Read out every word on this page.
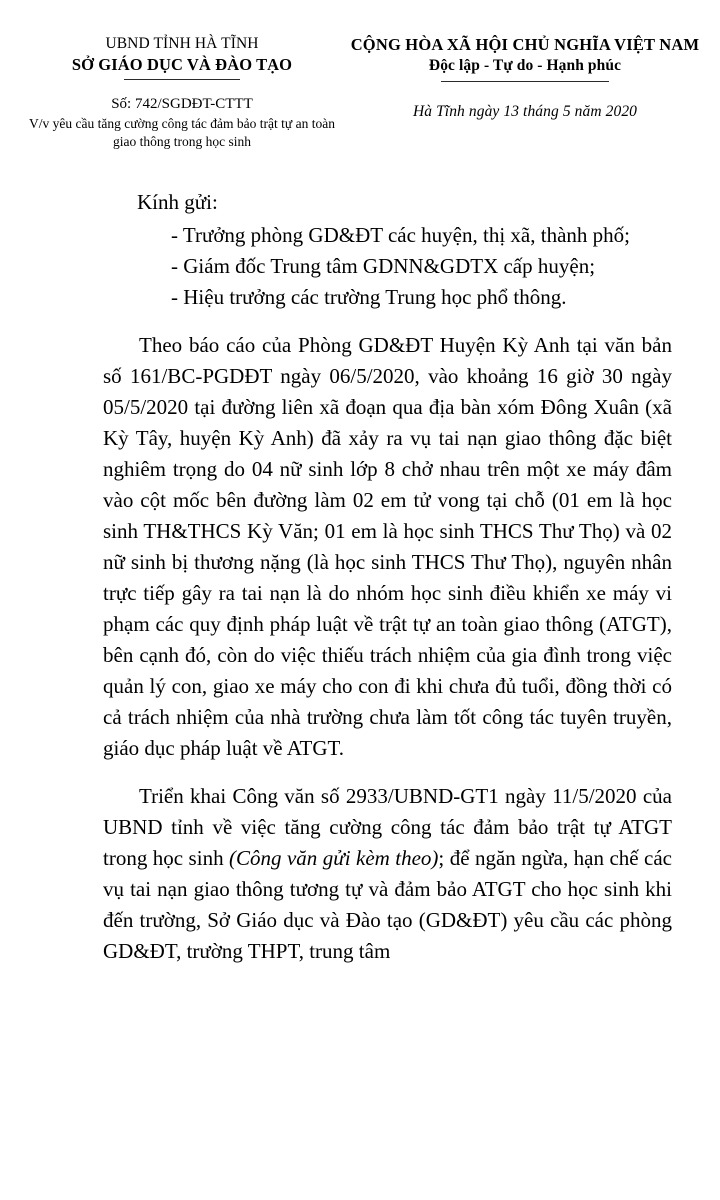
UBND TỈNH HÀ TĨNH
SỞ GIÁO DỤC VÀ ĐÀO TẠO
Số: 742/SGDĐT-CTTT
V/v yêu cầu tăng cường công tác đảm bảo trật tự an toàn giao thông trong học sinh
CỘNG HÒA XÃ HỘI CHỦ NGHĨA VIỆT NAM
Độc lập - Tự do - Hạnh phúc
Hà Tĩnh ngày 13 tháng 5 năm 2020
Kính gửi:
- Trưởng phòng GD&ĐT các huyện, thị xã, thành phố;
- Giám đốc Trung tâm GDNN&GDTX cấp huyện;
- Hiệu trưởng các trường Trung học phổ thông.

Theo báo cáo của Phòng GD&ĐT Huyện Kỳ Anh tại văn bản số 161/BC-PGDĐT ngày 06/5/2020, vào khoảng 16 giờ 30 ngày 05/5/2020 tại đường liên xã đoạn qua địa bàn xóm Đông Xuân (xã Kỳ Tây, huyện Kỳ Anh) đã xảy ra vụ tai nạn giao thông đặc biệt nghiêm trọng do 04 nữ sinh lớp 8 chở nhau trên một xe máy đâm vào cột mốc bên đường làm 02 em tử vong tại chỗ (01 em là học sinh TH&THCS Kỳ Văn; 01 em là học sinh THCS Thư Thọ) và 02 nữ sinh bị thương nặng (là học sinh THCS Thư Thọ), nguyên nhân trực tiếp gây ra tai nạn là do nhóm học sinh điều khiển xe máy vi phạm các quy định pháp luật về trật tự an toàn giao thông (ATGT), bên cạnh đó, còn do việc thiếu trách nhiệm của gia đình trong việc quản lý con, giao xe máy cho con đi khi chưa đủ tuổi, đồng thời có cả trách nhiệm của nhà trường chưa làm tốt công tác tuyên truyền, giáo dục pháp luật về ATGT.

Triển khai Công văn số 2933/UBND-GT1 ngày 11/5/2020 của UBND tỉnh về việc tăng cường công tác đảm bảo trật tự ATGT trong học sinh (Công văn gửi kèm theo); để ngăn ngừa, hạn chế các vụ tai nạn giao thông tương tự và đảm bảo ATGT cho học sinh khi đến trường, Sở Giáo dục và Đào tạo (GD&ĐT) yêu cầu các phòng GD&ĐT, trường THPT, trung tâm
